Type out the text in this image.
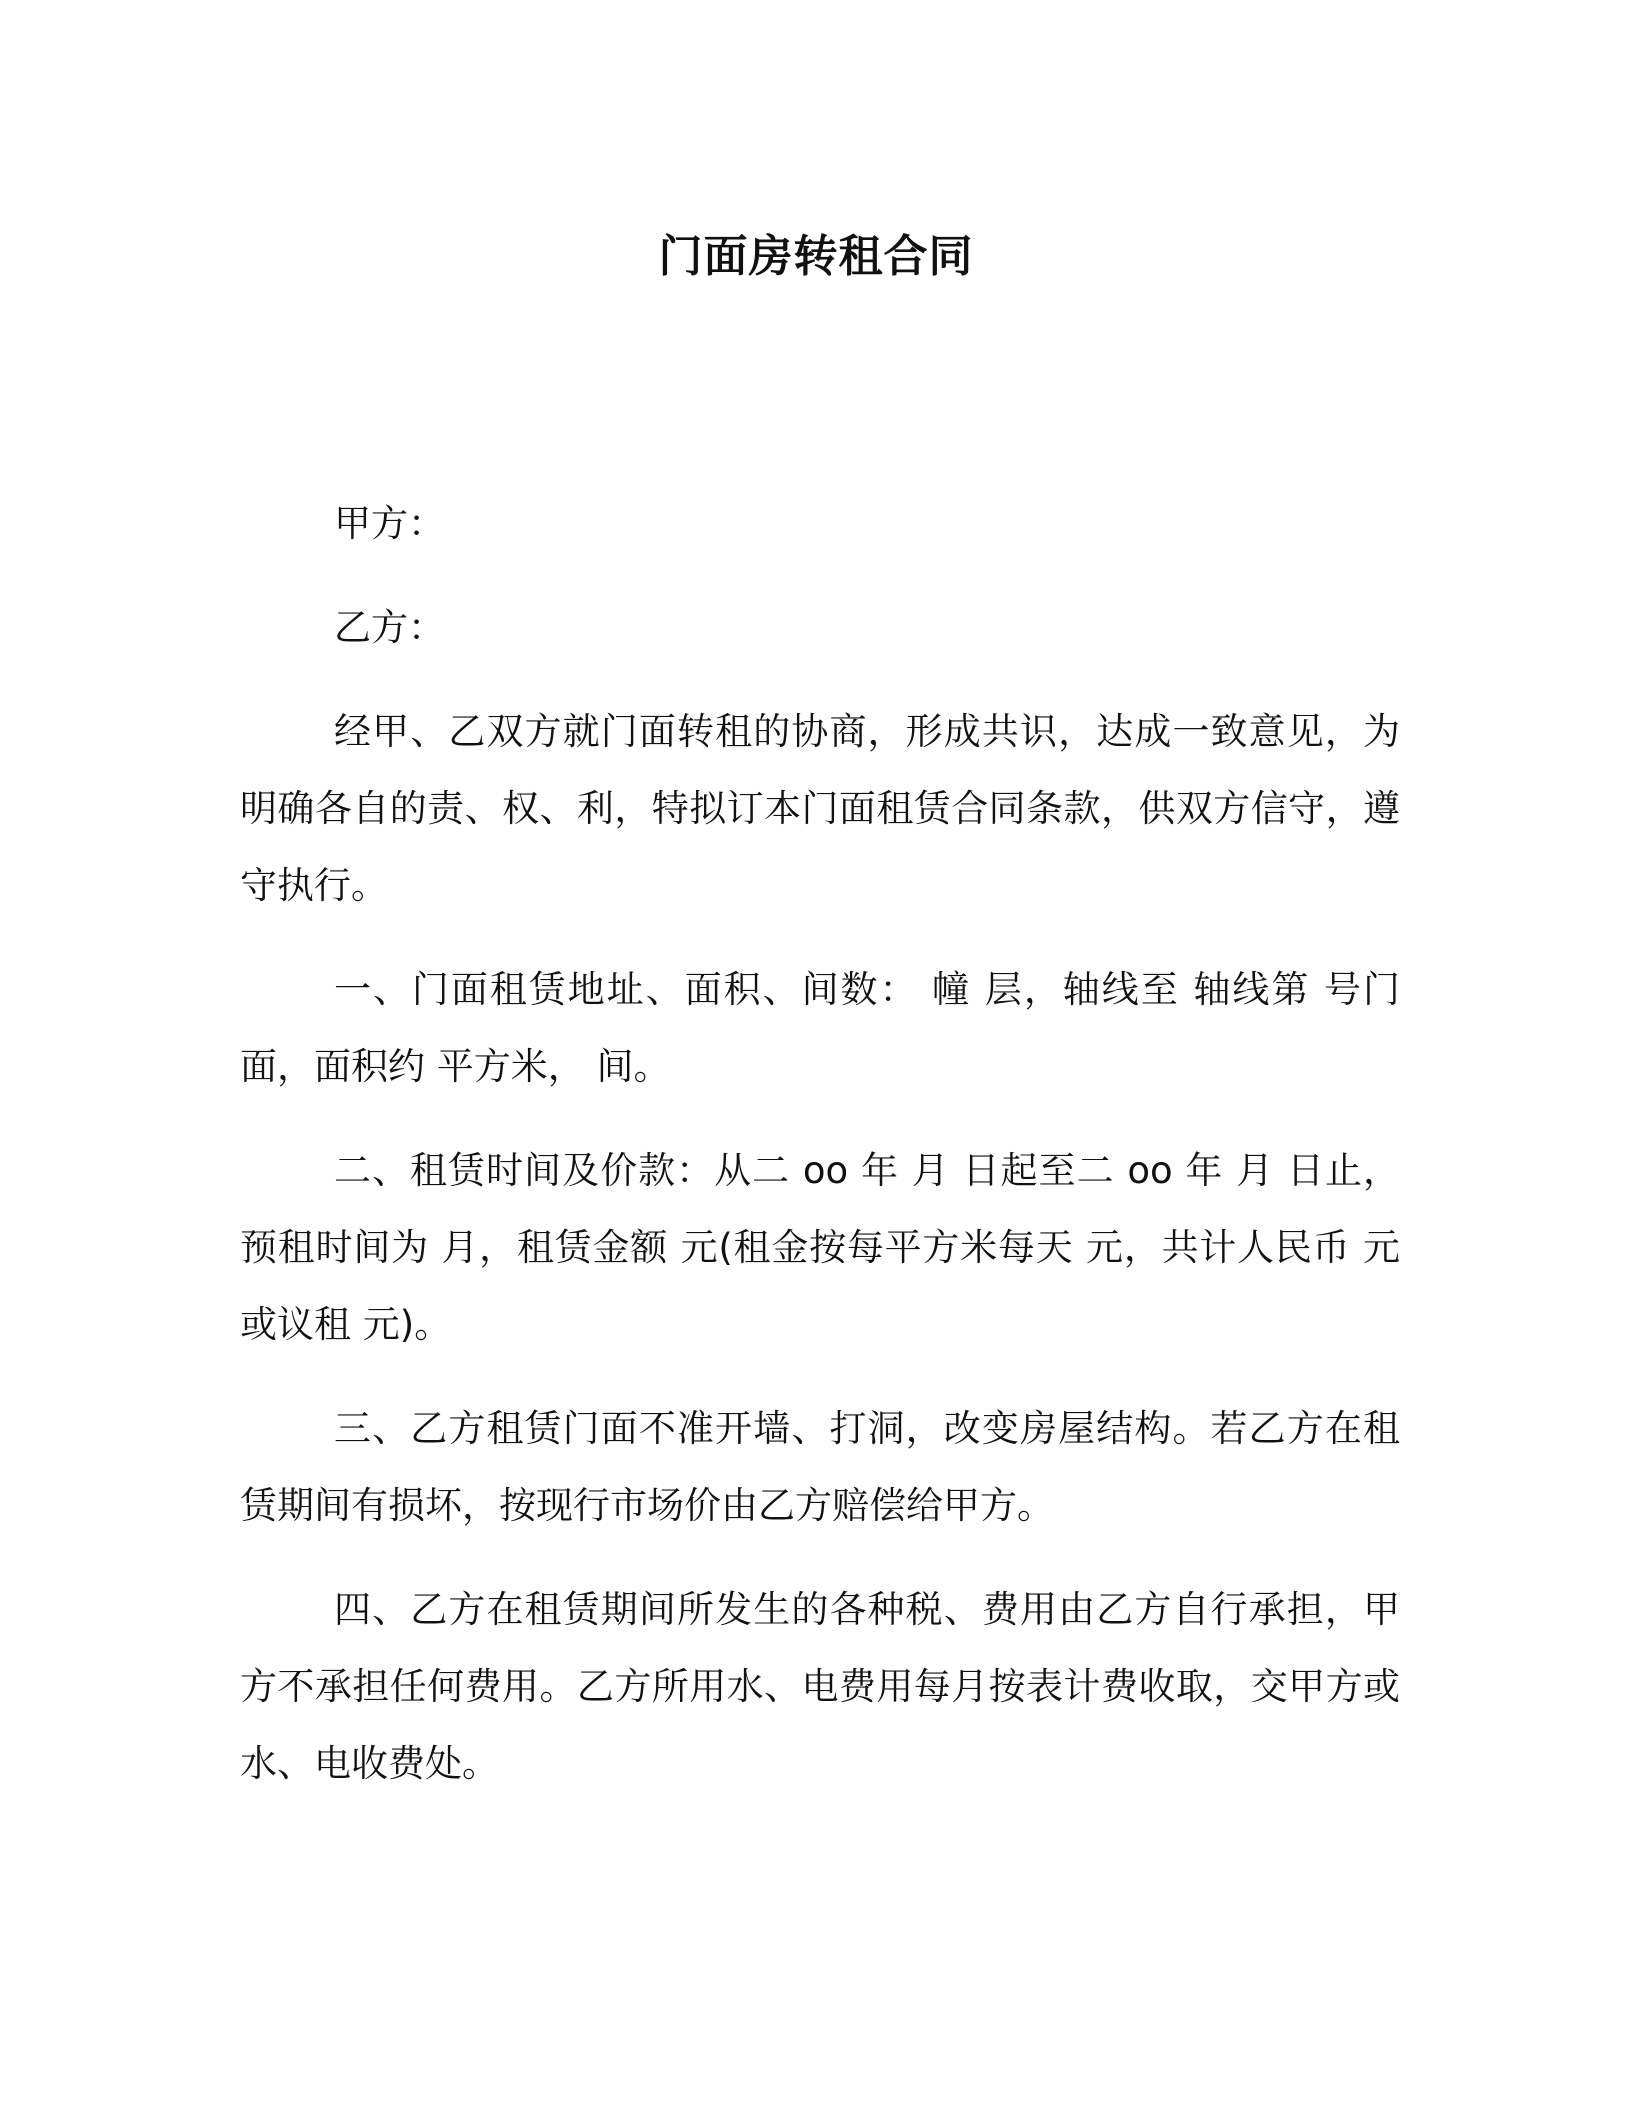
门面房转租合同

甲方：

乙方：

经甲、乙双方就门面转租的协商，形成共识，达成一致意见，为明确各自的责、权、利，特拟订本门面租赁合同条款，供双方信守，遵守执行。

一、门面租赁地址、面积、间数： 幢 层，轴线至 轴线第 号门面，面积约 平方米， 间。

二、租赁时间及价款：从二 oo 年 月 日起至二 oo 年 月 日止，预租时间为 月，租赁金额 元(租金按每平方米每天 元，共计人民币 元或议租 元)。

三、乙方租赁门面不准开墙、打洞，改变房屋结构。若乙方在租赁期间有损坏，按现行市场价由乙方赔偿给甲方。

四、乙方在租赁期间所发生的各种税、费用由乙方自行承担，甲方不承担任何费用。乙方所用水、电费用每月按表计费收取，交甲方或水、电收费处。
